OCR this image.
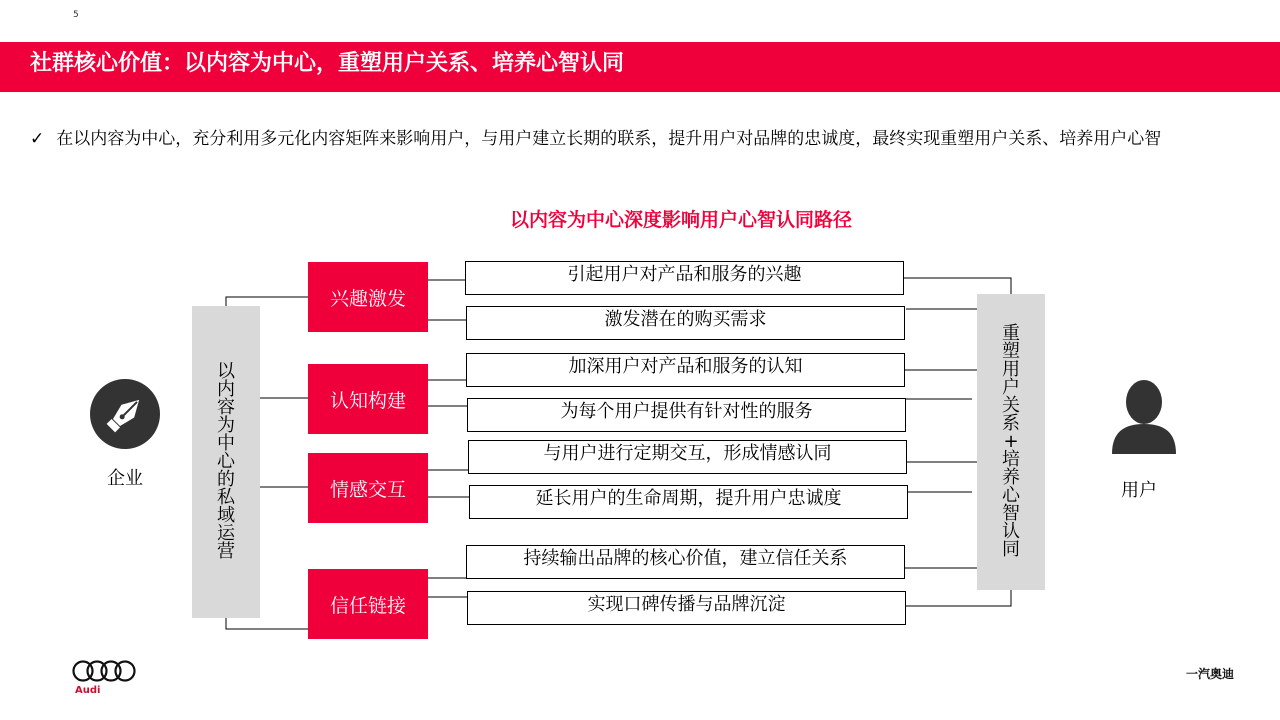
5
社群核心价值：以内容为中心，重塑用户关系、培养心智认同
✓ 在以内容为中心，充分利用多元化内容矩阵来影响用户，与用户建立长期的联系，提升用户对品牌的忠诚度，最终实现重塑用户关系、培养用户心智
以内容为中心深度影响用户心智认同路径
企业
以
内
容
为
中
心
的
私
域
运
营
兴趣激发
认知构建
情感交互
信任链接
引起用户对产品和服务的兴趣
激发潜在的购买需求
加深用户对产品和服务的认知
为每个用户提供有针对性的服务
与用户进行定期交互，形成情感认同
延长用户的生命周期，提升用户忠诚度
持续输出品牌的核心价值，建立信任关系
实现口碑传播与品牌沉淀
重
塑
用
户
关
系
+
培
养
心
智
认
同
用户
Audi
一汽奥迪
